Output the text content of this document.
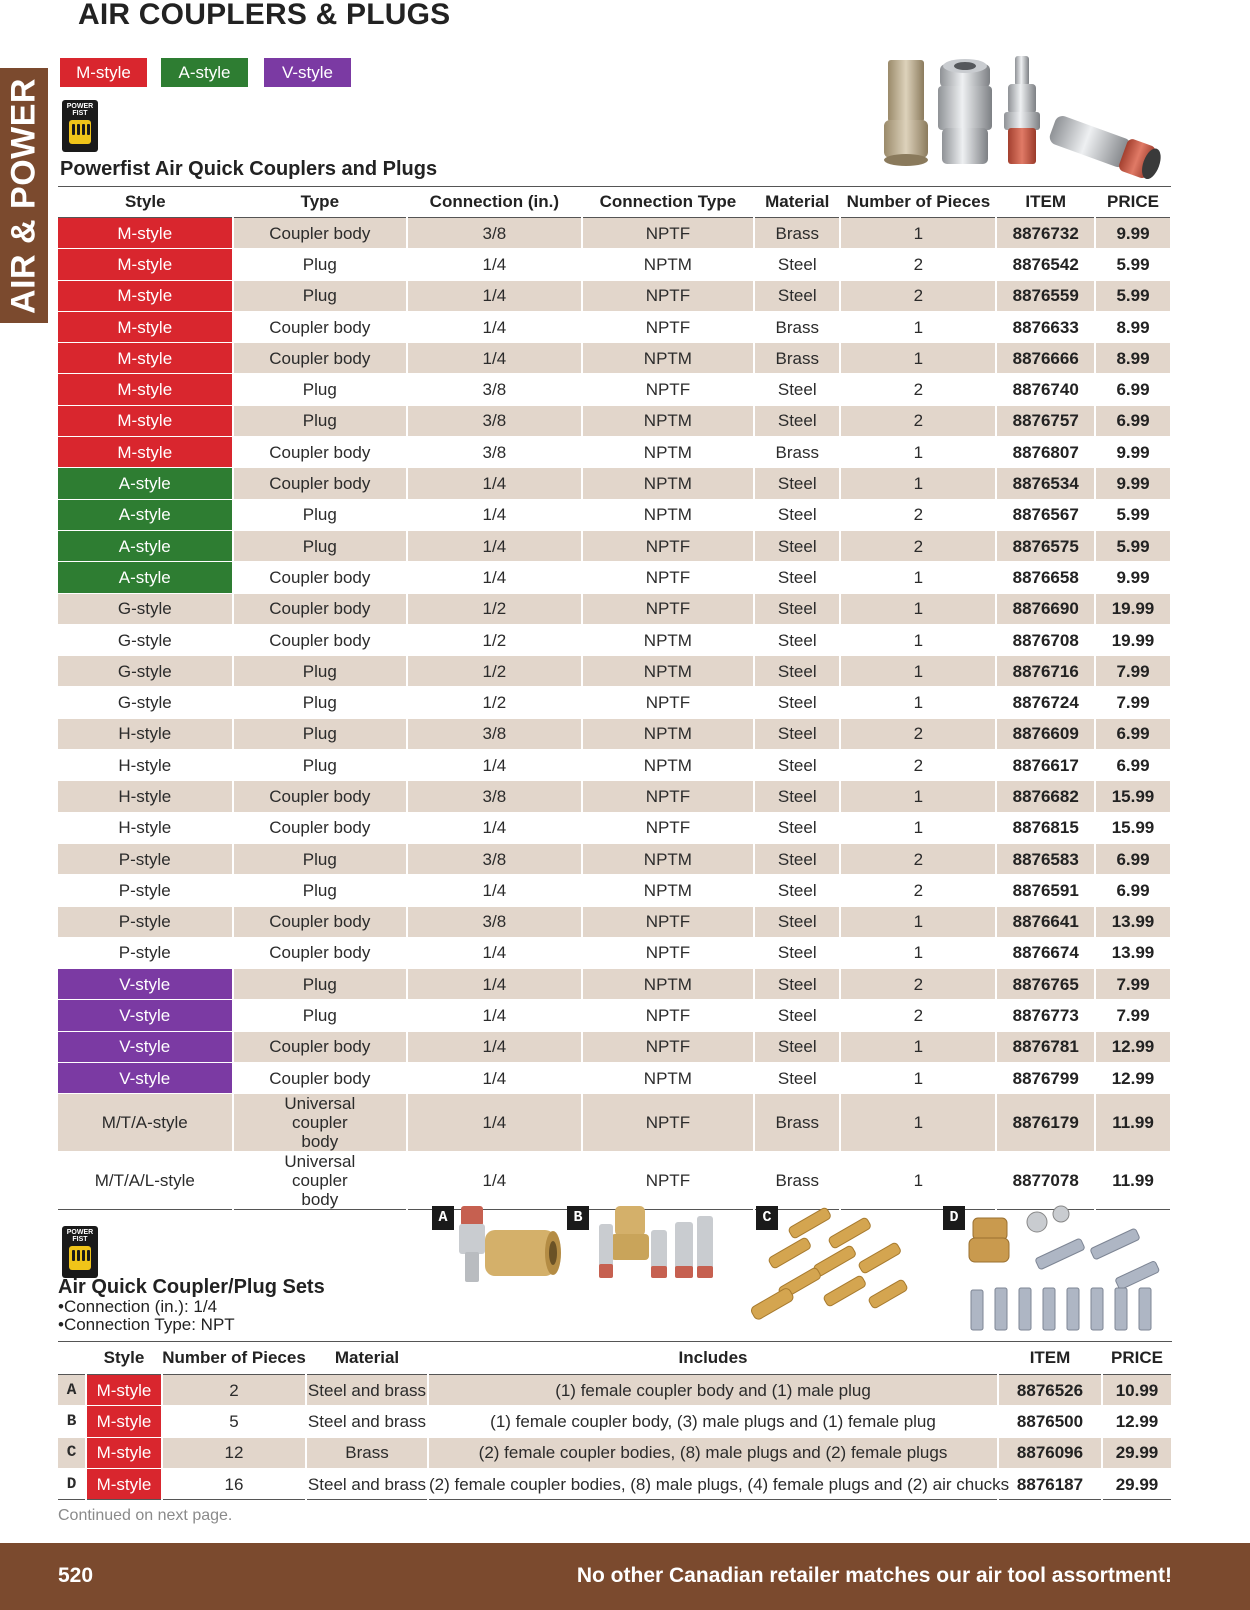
AIR COUPLERS & PLUGS
AIR & POWER
M-style	A-style	V-style
POWER
FIST
Powerfist Air Quick Couplers and Plugs
Style	Type	Connection (in.)	Connection Type	Material	Number of Pieces	ITEM	PRICE
M-style	Coupler body	3/8	NPTF	Brass	1	8876732	9.99
M-style	Plug	1/4	NPTM	Steel	2	8876542	5.99
M-style	Plug	1/4	NPTF	Steel	2	8876559	5.99
M-style	Coupler body	1/4	NPTF	Brass	1	8876633	8.99
M-style	Coupler body	1/4	NPTM	Brass	1	8876666	8.99
M-style	Plug	3/8	NPTF	Steel	2	8876740	6.99
M-style	Plug	3/8	NPTM	Steel	2	8876757	6.99
M-style	Coupler body	3/8	NPTM	Brass	1	8876807	9.99
A-style	Coupler body	1/4	NPTM	Steel	1	8876534	9.99
A-style	Plug	1/4	NPTM	Steel	2	8876567	5.99
A-style	Plug	1/4	NPTF	Steel	2	8876575	5.99
A-style	Coupler body	1/4	NPTF	Steel	1	8876658	9.99
G-style	Coupler body	1/2	NPTF	Steel	1	8876690	19.99
G-style	Coupler body	1/2	NPTM	Steel	1	8876708	19.99
G-style	Plug	1/2	NPTM	Steel	1	8876716	7.99
G-style	Plug	1/2	NPTF	Steel	1	8876724	7.99
H-style	Plug	3/8	NPTM	Steel	2	8876609	6.99
H-style	Plug	1/4	NPTM	Steel	2	8876617	6.99
H-style	Coupler body	3/8	NPTF	Steel	1	8876682	15.99
H-style	Coupler body	1/4	NPTF	Steel	1	8876815	15.99
P-style	Plug	3/8	NPTM	Steel	2	8876583	6.99
P-style	Plug	1/4	NPTM	Steel	2	8876591	6.99
P-style	Coupler body	3/8	NPTF	Steel	1	8876641	13.99
P-style	Coupler body	1/4	NPTF	Steel	1	8876674	13.99
V-style	Plug	1/4	NPTM	Steel	2	8876765	7.99
V-style	Plug	1/4	NPTF	Steel	2	8876773	7.99
V-style	Coupler body	1/4	NPTF	Steel	1	8876781	12.99
V-style	Coupler body	1/4	NPTM	Steel	1	8876799	12.99
M/T/A-style	Universal coupler body	1/4	NPTF	Brass	1	8876179	11.99
M/T/A/L-style	Universal coupler body	1/4	NPTF	Brass	1	8877078	11.99
POWER
FIST
Air Quick Coupler/Plug Sets
•Connection (in.): 1/4
•Connection Type: NPT
A	B	C	D
	Style	Number of Pieces	Material	Includes	ITEM	PRICE
A	M-style	2	Steel and brass	(1) female coupler body and (1) male plug	8876526	10.99
B	M-style	5	Steel and brass	(1) female coupler body, (3) male plugs and (1) female plug	8876500	12.99
C	M-style	12	Brass	(2) female coupler bodies, (8) male plugs and (2) female plugs	8876096	29.99
D	M-style	16	Steel and brass	(2) female coupler bodies, (8) male plugs, (4) female plugs and (2) air chucks	8876187	29.99
Continued on next page.
520	No other Canadian retailer matches our air tool assortment!
